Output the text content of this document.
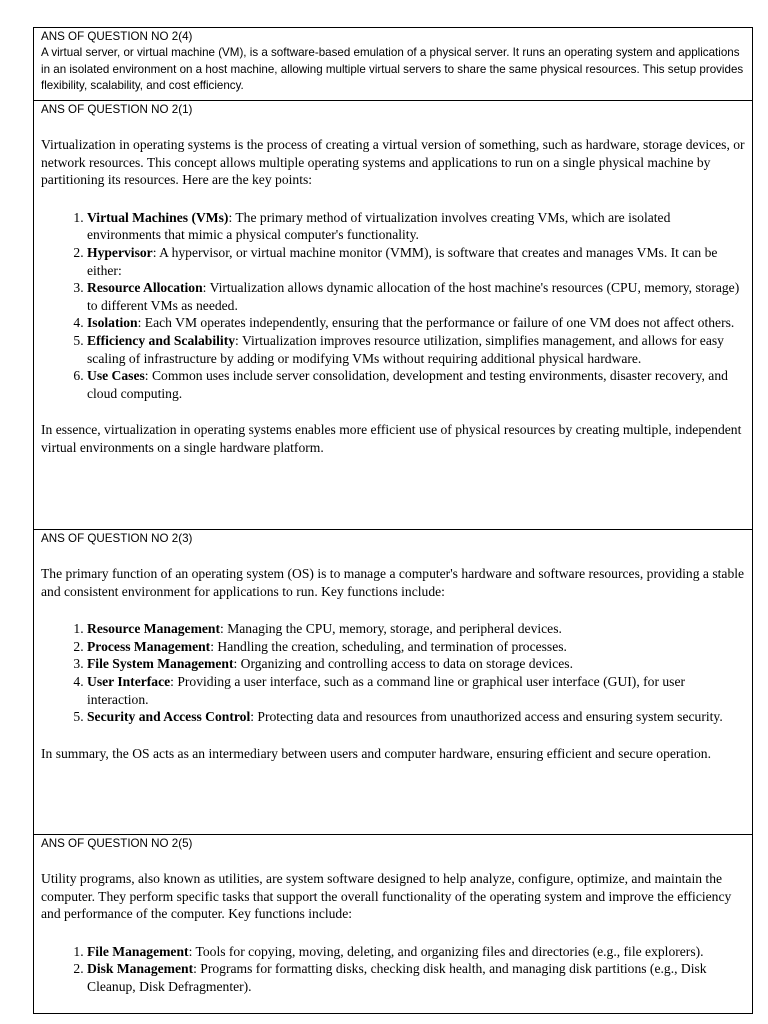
ANS OF QUESTION NO 2(4)

A virtual server, or virtual machine (VM), is a software-based emulation of a physical server. It runs an operating system and applications in an isolated environment on a host machine, allowing multiple virtual servers to share the same physical resources. This setup provides flexibility, scalability, and cost efficiency.

ANS OF QUESTION NO 2(1)

Virtualization in operating systems is the process of creating a virtual version of something, such as hardware, storage devices, or network resources. This concept allows multiple operating systems and applications to run on a single physical machine by partitioning its resources. Here are the key points:

1. Virtual Machines (VMs): The primary method of virtualization involves creating VMs, which are isolated environments that mimic a physical computer's functionality.
2. Hypervisor: A hypervisor, or virtual machine monitor (VMM), is software that creates and manages VMs. It can be either:
3. Resource Allocation: Virtualization allows dynamic allocation of the host machine's resources (CPU, memory, storage) to different VMs as needed.
4. Isolation: Each VM operates independently, ensuring that the performance or failure of one VM does not affect others.
5. Efficiency and Scalability: Virtualization improves resource utilization, simplifies management, and allows for easy scaling of infrastructure by adding or modifying VMs without requiring additional physical hardware.
6. Use Cases: Common uses include server consolidation, development and testing environments, disaster recovery, and cloud computing.

In essence, virtualization in operating systems enables more efficient use of physical resources by creating multiple, independent virtual environments on a single hardware platform.

ANS OF QUESTION NO 2(3)

The primary function of an operating system (OS) is to manage a computer's hardware and software resources, providing a stable and consistent environment for applications to run. Key functions include:

1. Resource Management: Managing the CPU, memory, storage, and peripheral devices.
2. Process Management: Handling the creation, scheduling, and termination of processes.
3. File System Management: Organizing and controlling access to data on storage devices.
4. User Interface: Providing a user interface, such as a command line or graphical user interface (GUI), for user interaction.
5. Security and Access Control: Protecting data and resources from unauthorized access and ensuring system security.

In summary, the OS acts as an intermediary between users and computer hardware, ensuring efficient and secure operation.

ANS OF QUESTION NO 2(5)

Utility programs, also known as utilities, are system software designed to help analyze, configure, optimize, and maintain the computer. They perform specific tasks that support the overall functionality of the operating system and improve the efficiency and performance of the computer. Key functions include:

1. File Management: Tools for copying, moving, deleting, and organizing files and directories (e.g., file explorers).
2. Disk Management: Programs for formatting disks, checking disk health, and managing disk partitions (e.g., Disk Cleanup, Disk Defragmenter).
